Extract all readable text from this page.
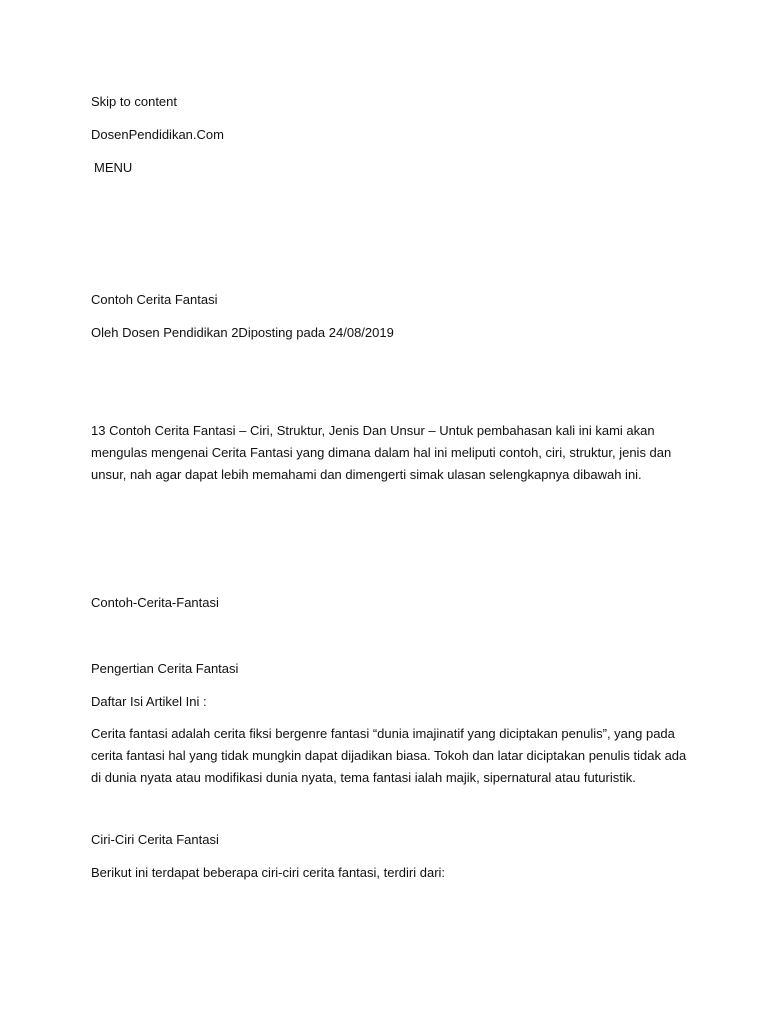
Skip to content

DosenPendidikan.Com

MENU

Contoh Cerita Fantasi

Oleh Dosen Pendidikan 2Diposting pada 24/08/2019

13 Contoh Cerita Fantasi – Ciri, Struktur, Jenis Dan Unsur – Untuk pembahasan kali ini kami akan
mengulas mengenai Cerita Fantasi yang dimana dalam hal ini meliputi contoh, ciri, struktur, jenis dan
unsur, nah agar dapat lebih memahami dan dimengerti simak ulasan selengkapnya dibawah ini.

Contoh-Cerita-Fantasi

Pengertian Cerita Fantasi

Daftar Isi Artikel Ini :

Cerita fantasi adalah cerita fiksi bergenre fantasi “dunia imajinatif yang diciptakan penulis”, yang pada
cerita fantasi hal yang tidak mungkin dapat dijadikan biasa. Tokoh dan latar diciptakan penulis tidak ada
di dunia nyata atau modifikasi dunia nyata, tema fantasi ialah majik, sipernatural atau futuristik.

Ciri-Ciri Cerita Fantasi

Berikut ini terdapat beberapa ciri-ciri cerita fantasi, terdiri dari:
